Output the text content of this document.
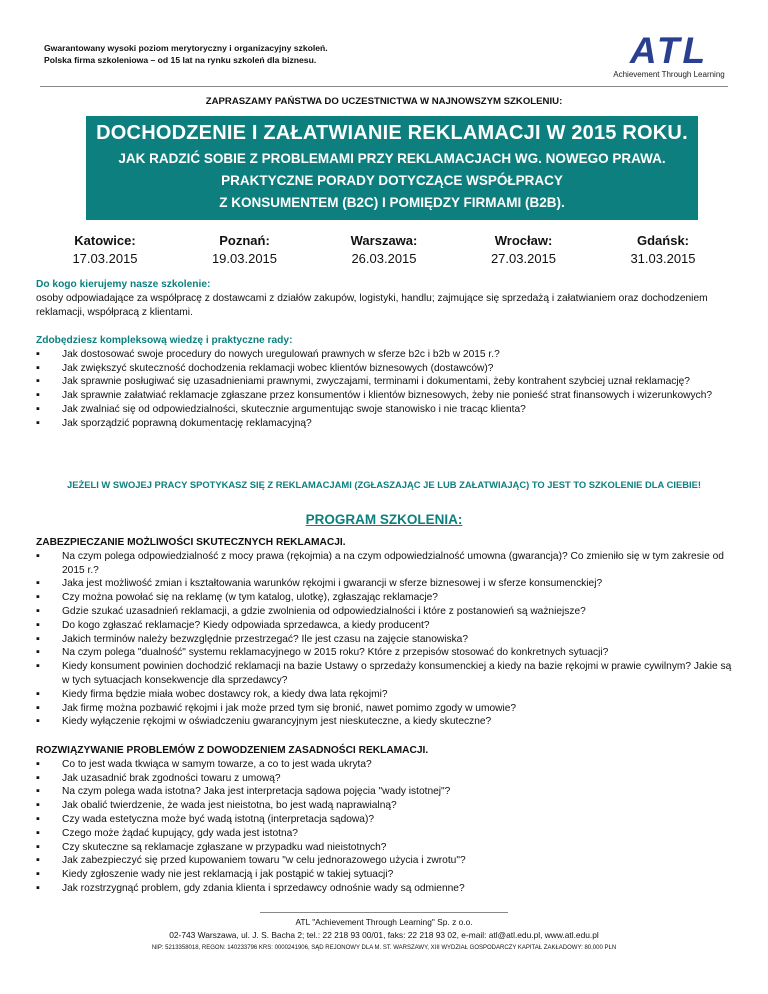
Gwarantowany wysoki poziom merytoryczny i organizacyjny szkoleń.
Polska firma szkoleniowa – od 15 lat na rynku szkoleń dla biznesu.	ATL
Achievement Through Learning
ZAPRASZAMY PAŃSTWA DO UCZESTNICTWA W NAJNOWSZYM SZKOLENIU:
DOCHODZENIE I ZAŁATWIANIE REKLAMACJI W 2015 ROKU.
JAK RADZIĆ SOBIE Z PROBLEMAMI PRZY REKLAMACJACH WG. NOWEGO PRAWA.
PRAKTYCZNE PORADY DOTYCZĄCE WSPÓŁPRACY
Z KONSUMENTEM (B2C) I POMIĘDZY FIRMAMI (B2B).
Katowice:
17.03.2015
Poznań:
19.03.2015
Warszawa:
26.03.2015
Wrocław:
27.03.2015
Gdańsk:
31.03.2015
Do kogo kierujemy nasze szkolenie:
osoby odpowiadające za współpracę z dostawcami z działów zakupów, logistyki, handlu; zajmujące się sprzedażą i załatwianiem oraz dochodzeniem reklamacji, współpracą z klientami.
Zdobędziesz kompleksową wiedzę i praktyczne rady:
▪ Jak dostosować swoje procedury do nowych uregulowań prawnych w sferze b2c i b2b w 2015 r.?
▪ Jak zwiększyć skuteczność dochodzenia reklamacji wobec klientów biznesowych (dostawców)?
▪ Jak sprawnie posługiwać się uzasadnieniami prawnymi, zwyczajami, terminami i dokumentami, żeby kontrahent szybciej uznał reklamację?
▪ Jak sprawnie załatwiać reklamacje zgłaszane przez konsumentów i klientów biznesowych, żeby nie ponieść strat finansowych i wizerunkowych?
▪ Jak zwalniać się od odpowiedzialności, skutecznie argumentując swoje stanowisko i nie tracąc klienta?
▪ Jak sporządzić poprawną dokumentację reklamacyjną?
JEŻELI W SWOJEJ PRACY SPOTYKASZ SIĘ Z REKLAMACJAMI (ZGŁASZAJĄC JE LUB ZAŁATWIAJĄC) TO JEST TO SZKOLENIE DLA CIEBIE!
PROGRAM SZKOLENIA:
ZABEZPIECZANIE MOŻLIWOŚCI SKUTECZNYCH REKLAMACJI.
▪ Na czym polega odpowiedzialność z mocy prawa (rękojmia) a na czym odpowiedzialność umowna (gwarancja)? Co zmieniło się w tym zakresie od 2015 r.?
▪ Jaka jest możliwość zmian i kształtowania warunków rękojmi i gwarancji w sferze biznesowej i w sferze konsumenckiej?
▪ Czy można powołać się na reklamę (w tym katalog, ulotkę), zgłaszając reklamacje?
▪ Gdzie szukać uzasadnień reklamacji, a gdzie zwolnienia od odpowiedzialności i które z postanowień są ważniejsze?
▪ Do kogo zgłaszać reklamacje? Kiedy odpowiada sprzedawca, a kiedy producent?
▪ Jakich terminów należy bezwzględnie przestrzegać? Ile jest czasu na zajęcie stanowiska?
▪ Na czym polega "dualność" systemu reklamacyjnego w 2015 roku? Które z przepisów stosować do konkretnych sytuacji?
▪ Kiedy konsument powinien dochodzić reklamacji na bazie Ustawy o sprzedaży konsumenckiej a kiedy na bazie rękojmi w prawie cywilnym? Jakie są w tych sytuacjach konsekwencje dla sprzedawcy?
▪ Kiedy firma będzie miała wobec dostawcy rok, a kiedy dwa lata rękojmi?
▪ Jak firmę można pozbawić rękojmi i jak może przed tym się bronić, nawet pomimo zgody w umowie?
▪ Kiedy wyłączenie rękojmi w oświadczeniu gwarancyjnym jest nieskuteczne, a kiedy skuteczne?
ROZWIĄZYWANIE PROBLEMÓW Z DOWODZENIEM ZASADNOŚCI REKLAMACJI.
▪ Co to jest wada tkwiąca w samym towarze, a co to jest wada ukryta?
▪ Jak uzasadnić brak zgodności towaru z umową?
▪ Na czym polega wada istotna? Jaka jest interpretacja sądowa pojęcia "wady istotnej"?
▪ Jak obalić twierdzenie, że wada jest nieistotna, bo jest wadą naprawialną?
▪ Czy wada estetyczna może być wadą istotną (interpretacja sądowa)?
▪ Czego może żądać kupujący, gdy wada jest istotna?
▪ Czy skuteczne są reklamacje zgłaszane w przypadku wad nieistotnych?
▪ Jak zabezpieczyć się przed kupowaniem towaru "w celu jednorazowego użycia i zwrotu"?
▪ Kiedy zgłoszenie wady nie jest reklamacją i jak postąpić w takiej sytuacji?
▪ Jak rozstrzygnąć problem, gdy zdania klienta i sprzedawcy odnośnie wady są odmienne?
ATL "Achievement Through Learning" Sp. z o.o.
02-743 Warszawa, ul. J. S. Bacha 2; tel.: 22 218 93 00/01, faks: 22 218 93 02, e-mail: atl@atl.edu.pl, www.atl.edu.pl
NIP: 5213358018, REGON: 140233796 KRS: 0000241906, SĄD REJONOWY DLA M. ST. WARSZAWY, XIII WYDZIAŁ GOSPODARCZY KAPITAŁ ZAKŁADOWY: 80.000 PLN
